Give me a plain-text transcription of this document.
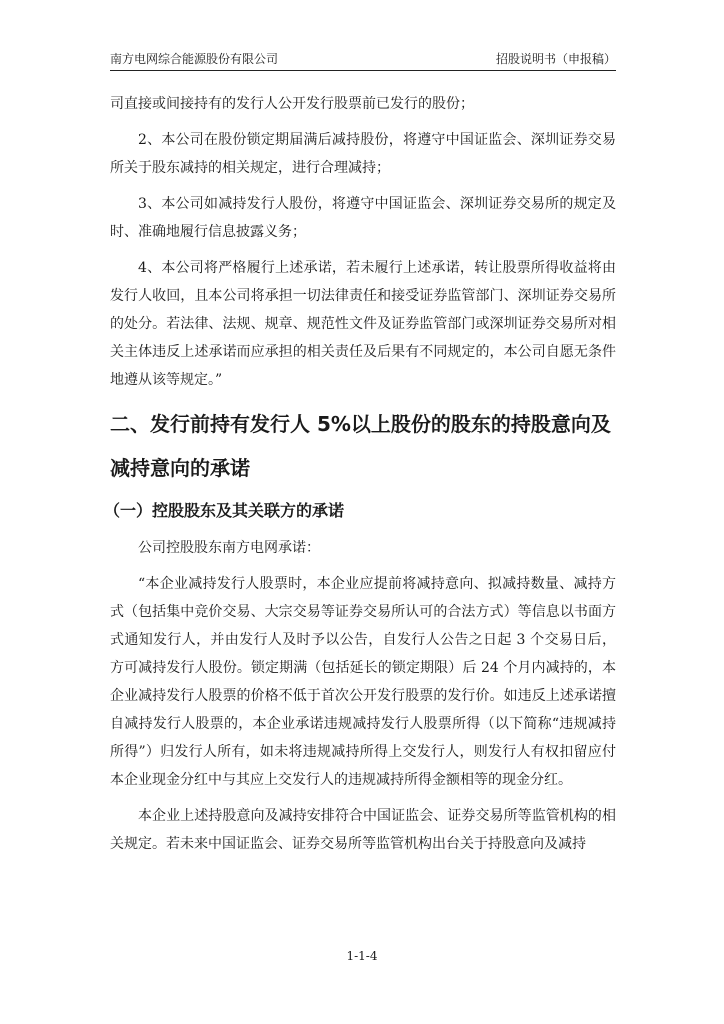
南方电网综合能源股份有限公司	招股说明书（申报稿）

司直接或间接持有的发行人公开发行股票前已发行的股份；

2、本公司在股份锁定期届满后减持股份，将遵守中国证监会、深圳证券交易所关于股东减持的相关规定，进行合理减持；

3、本公司如减持发行人股份，将遵守中国证监会、深圳证券交易所的规定及时、准确地履行信息披露义务；

4、本公司将严格履行上述承诺，若未履行上述承诺，转让股票所得收益将由发行人收回，且本公司将承担一切法律责任和接受证券监管部门、深圳证券交易所的处分。若法律、法规、规章、规范性文件及证券监管部门或深圳证券交易所对相关主体违反上述承诺而应承担的相关责任及后果有不同规定的，本公司自愿无条件地遵从该等规定。”

二、发行前持有发行人 5%以上股份的股东的持股意向及减持意向的承诺
（一）控股股东及其关联方的承诺

公司控股股东南方电网承诺：

“本企业减持发行人股票时，本企业应提前将减持意向、拟减持数量、减持方式（包括集中竞价交易、大宗交易等证券交易所认可的合法方式）等信息以书面方式通知发行人，并由发行人及时予以公告，自发行人公告之日起 3 个交易日后，方可减持发行人股份。锁定期满（包括延长的锁定期限）后 24 个月内减持的，本企业减持发行人股票的价格不低于首次公开发行股票的发行价。如违反上述承诺擅自减持发行人股票的，本企业承诺违规减持发行人股票所得（以下简称“违规减持所得”）归发行人所有，如未将违规减持所得上交发行人，则发行人有权扣留应付本企业现金分红中与其应上交发行人的违规减持所得金额相等的现金分红。

本企业上述持股意向及减持安排符合中国证监会、证券交易所等监管机构的相关规定。若未来中国证监会、证券交易所等监管机构出台关于持股意向及减持

1-1-4
